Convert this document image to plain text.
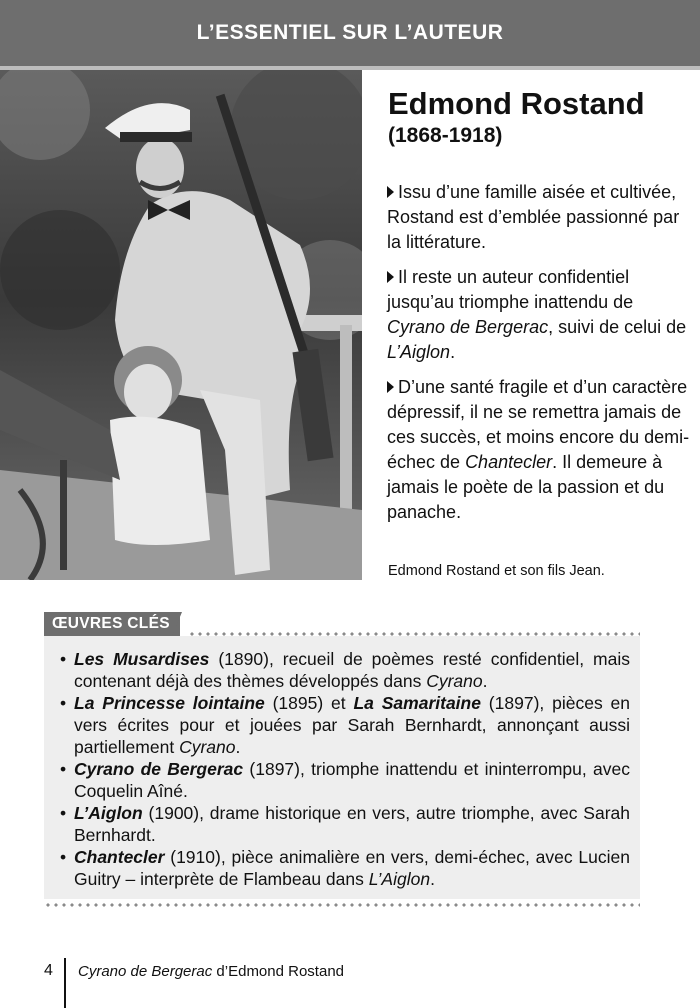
L’ESSENTIEL SUR L’AUTEUR
Edmond Rostand
(1868-1918)

Issu d’une famille aisée et cultivée, Rostand est d’emblée passionné par la littérature.

Il reste un auteur confidentiel jusqu’au triomphe inattendu de Cyrano de Bergerac, suivi de celui de L’Aiglon.

D’une santé fragile et d’un caractère dépressif, il ne se remettra jamais de ces succès, et moins encore du demi-échec de Chantecler. Il demeure à jamais le poète de la passion et du panache.

Edmond Rostand et son fils Jean.
ŒUVRES CLÉS
• Les Musardises (1890), recueil de poèmes resté confidentiel, mais contenant déjà des thèmes développés dans Cyrano.
• La Princesse lointaine (1895) et La Samaritaine (1897), pièces en vers écrites pour et jouées par Sarah Bernhardt, annonçant aussi partiellement Cyrano.
• Cyrano de Bergerac (1897), triomphe inattendu et ininterrompu, avec Coquelin Aîné.
• L’Aiglon (1900), drame historique en vers, autre triomphe, avec Sarah Bernhardt.
• Chantecler (1910), pièce animalière en vers, demi-échec, avec Lucien Guitry – interprète de Flambeau dans L’Aiglon.
4 Cyrano de Bergerac d’Edmond Rostand
